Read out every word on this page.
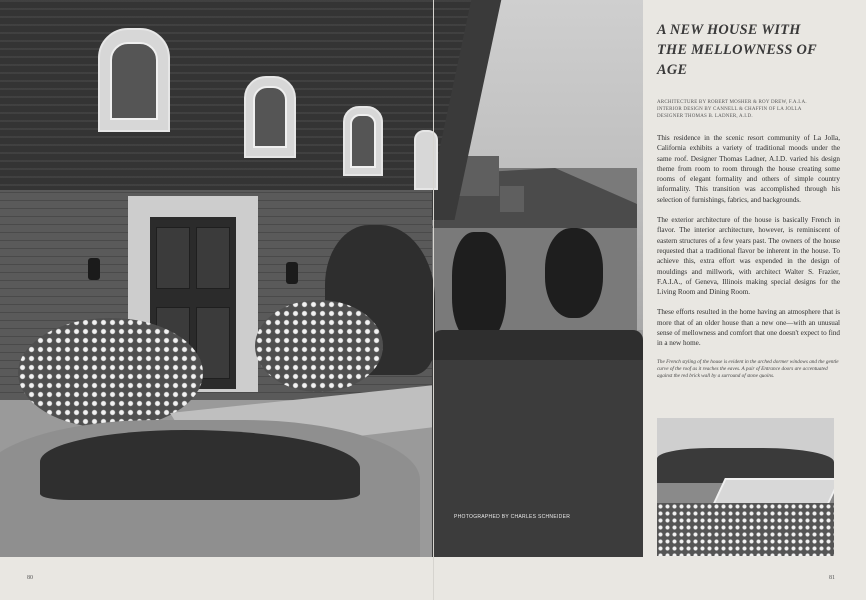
PHOTOGRAPHED BY CHARLES SCHNEIDER
A NEW HOUSE WITH
THE MELLOWNESS OF AGE
ARCHITECTURE BY ROBERT MOSHER & ROY DREW, F.A.I.A.
INTERIOR DESIGN BY CANNELL & CHAFFIN OF LA JOLLA
DESIGNER THOMAS B. LADNER, A.I.D.

This residence in the scenic resort community of La Jolla, California exhibits a variety of traditional moods under the same roof. Designer Thomas Ladner, A.I.D. varied his design theme from room to room through the house creating some rooms of elegant formality and others of simple country informality. This transition was accomplished through his selection of furnishings, fabrics, and backgrounds.

The exterior architecture of the house is basically French in flavor. The interior architecture, however, is reminiscent of eastern structures of a few years past. The owners of the house requested that a traditional flavor be inherent in the house. To achieve this, extra effort was expended in the design of mouldings and millwork, with architect Walter S. Frazier, F.A.I.A., of Geneva, Illinois making special designs for the Living Room and Dining Room.

These efforts resulted in the home having an atmosphere that is more that of an older house than a new one—with an unusual sense of mellowness and comfort that one doesn't expect to find in a new home.

The French styling of the house is evident in the arched dormer windows and the gentle curve of the roof as it reaches the eaves. A pair of Entrance doors are accentuated against the red brick wall by a surround of stone quoins.
80	81
